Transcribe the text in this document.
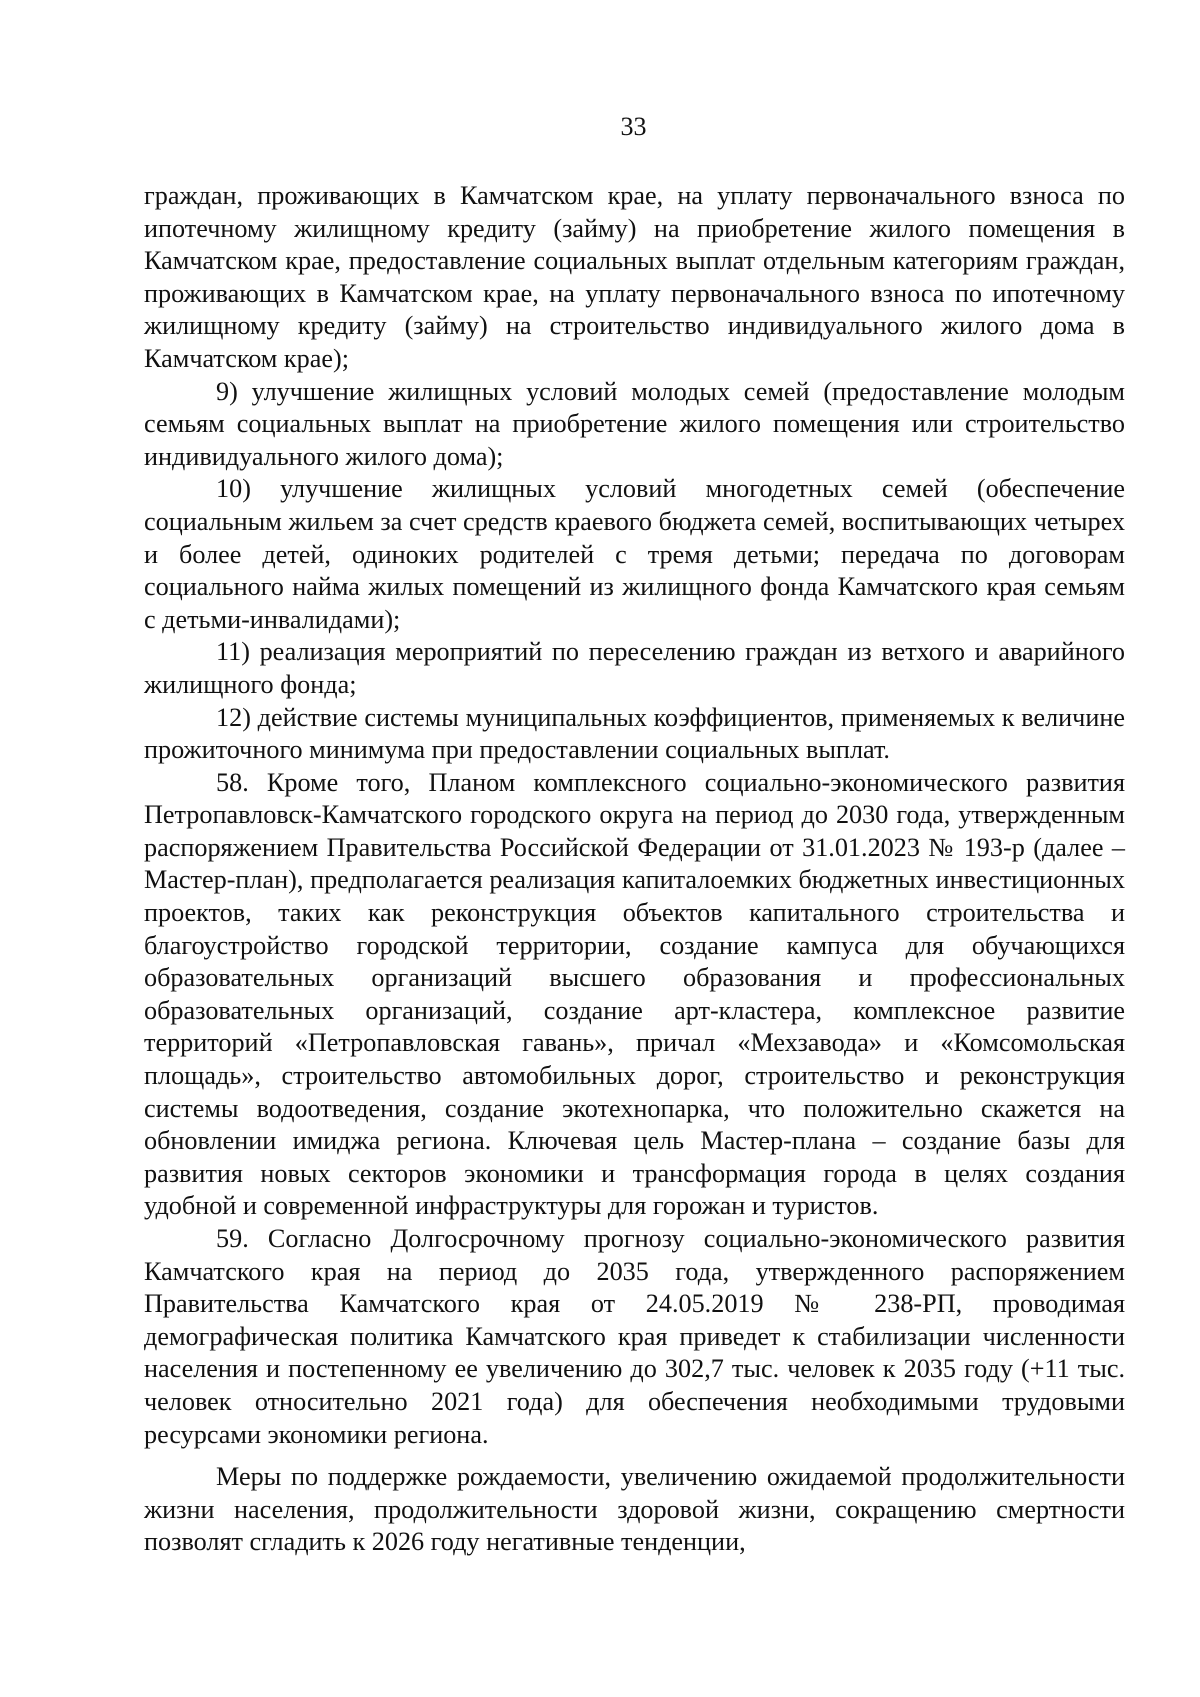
33

граждан, проживающих в Камчатском крае, на уплату первоначального взноса по ипотечному жилищному кредиту (займу) на приобретение жилого помещения в Камчатском крае, предоставление социальных выплат отдельным категориям граждан, проживающих в Камчатском крае, на уплату первоначального взноса по ипотечному жилищному кредиту (займу) на строительство индивидуального жилого дома в Камчатском крае);

9) улучшение жилищных условий молодых семей (предоставление молодым семьям социальных выплат на приобретение жилого помещения или строительство индивидуального жилого дома);

10) улучшение жилищных условий многодетных семей (обеспечение социальным жильем за счет средств краевого бюджета семей, воспитывающих четырех и более детей, одиноких родителей с тремя детьми; передача по договорам социального найма жилых помещений из жилищного фонда Камчатского края семьям с детьми-инвалидами);

11) реализация мероприятий по переселению граждан из ветхого и аварийного жилищного фонда;

12) действие системы муниципальных коэффициентов, применяемых к величине прожиточного минимума при предоставлении социальных выплат.

58. Кроме того, Планом комплексного социально-экономического развития Петропавловск-Камчатского городского округа на период до 2030 года, утвержденным распоряжением Правительства Российской Федерации от 31.01.2023 № 193-р (далее – Мастер-план), предполагается реализация капиталоемких бюджетных инвестиционных проектов, таких как реконструкция объектов капитального строительства и благоустройство городской территории, создание кампуса для обучающихся образовательных организаций высшего образования и профессиональных образовательных организаций, создание арт-кластера, комплексное развитие территорий «Петропавловская гавань», причал «Мехзавода» и «Комсомольская площадь», строительство автомобильных дорог, строительство и реконструкция системы водоотведения, создание экотехнопарка, что положительно скажется на обновлении имиджа региона. Ключевая цель Мастер-плана – создание базы для развития новых секторов экономики и трансформация города в целях создания удобной и современной инфраструктуры для горожан и туристов.

59. Согласно Долгосрочному прогнозу социально-экономического развития Камчатского края на период до 2035 года, утвержденного распоряжением Правительства Камчатского края от 24.05.2019 № 238-РП, проводимая демографическая политика Камчатского края приведет к стабилизации численности населения и постепенному ее увеличению до 302,7 тыс. человек к 2035 году (+11 тыс. человек относительно 2021 года) для обеспечения необходимыми трудовыми ресурсами экономики региона.

Меры по поддержке рождаемости, увеличению ожидаемой продолжительности жизни населения, продолжительности здоровой жизни, сокращению смертности позволят сгладить к 2026 году негативные тенденции,
